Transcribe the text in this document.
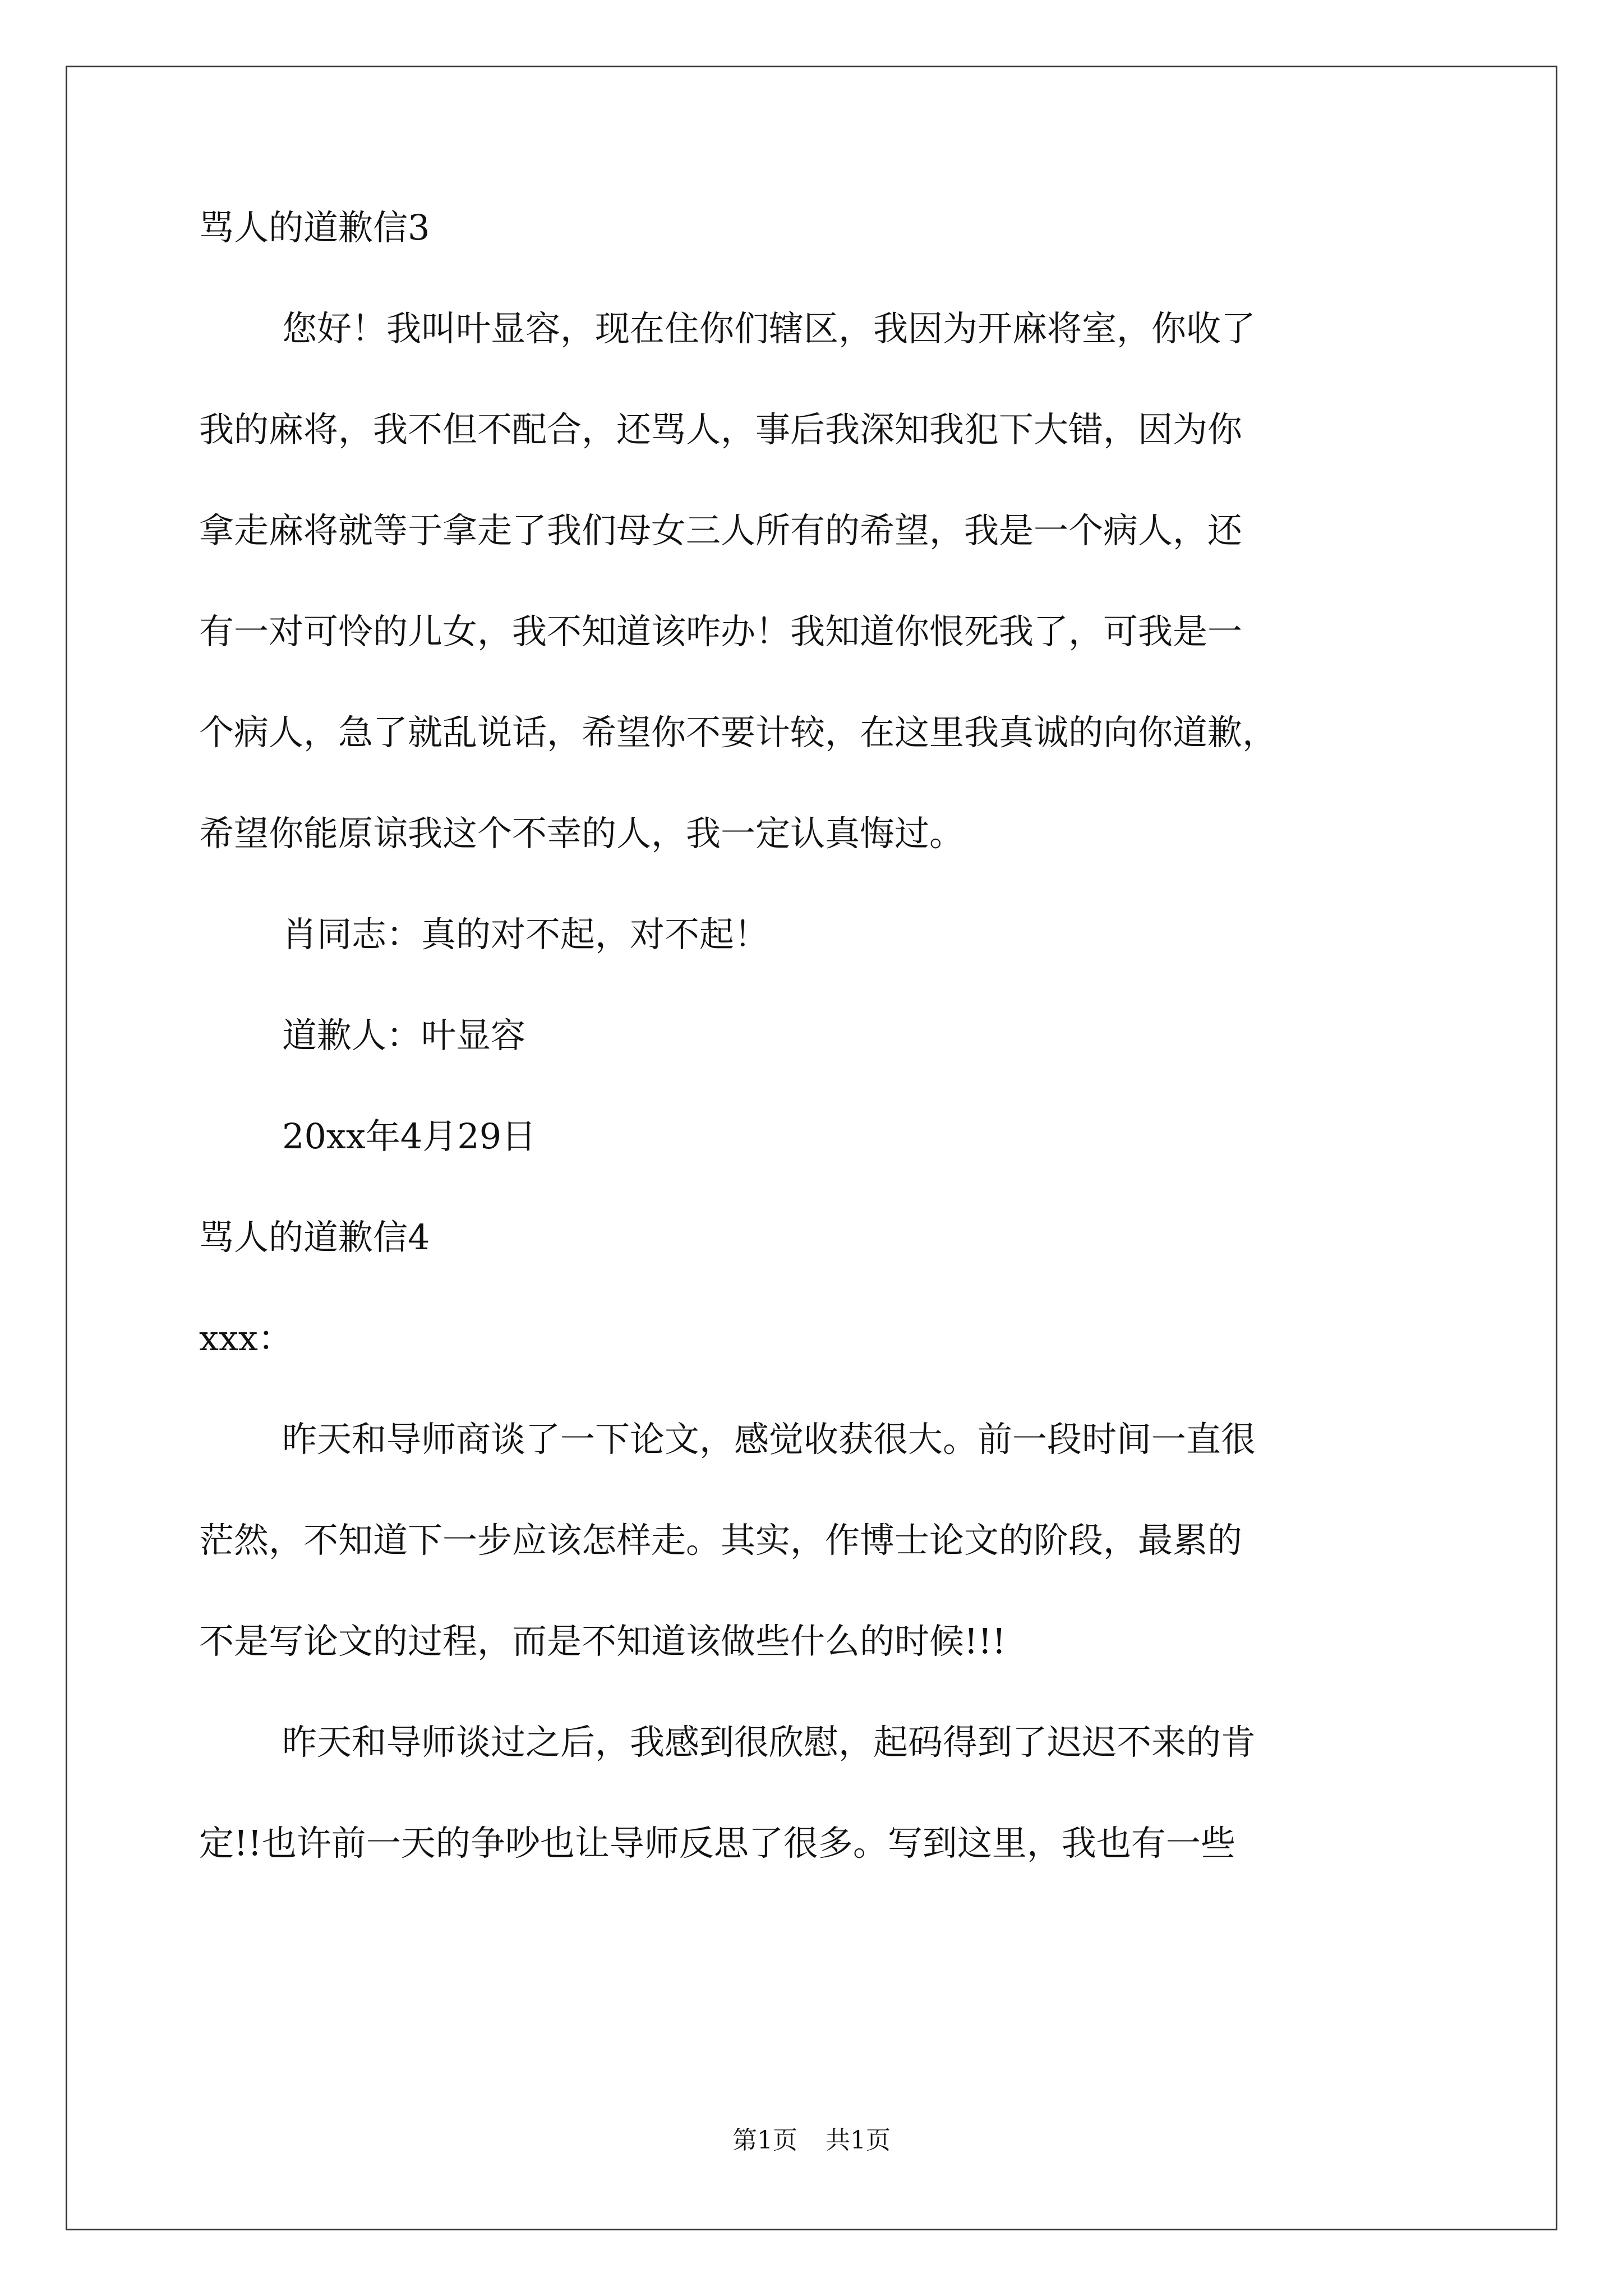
骂人的道歉信3
您好！我叫叶显容，现在住你们辖区，我因为开麻将室，你收了
我的麻将，我不但不配合，还骂人，事后我深知我犯下大错，因为你
拿走麻将就等于拿走了我们母女三人所有的希望，我是一个病人，还
有一对可怜的儿女，我不知道该咋办！我知道你恨死我了，可我是一
个病人，急了就乱说话，希望你不要计较，在这里我真诚的向你道歉，
希望你能原谅我这个不幸的人，我一定认真悔过。
肖同志：真的对不起，对不起！
道歉人：叶显容
20xx年4月29日
骂人的道歉信4
xxx：
昨天和导师商谈了一下论文，感觉收获很大。前一段时间一直很
茫然，不知道下一步应该怎样走。其实，作博士论文的阶段，最累的
不是写论文的过程，而是不知道该做些什么的时候!!!
昨天和导师谈过之后，我感到很欣慰，起码得到了迟迟不来的肯
定!!也许前一天的争吵也让导师反思了很多。写到这里，我也有一些
第1页 共1页
